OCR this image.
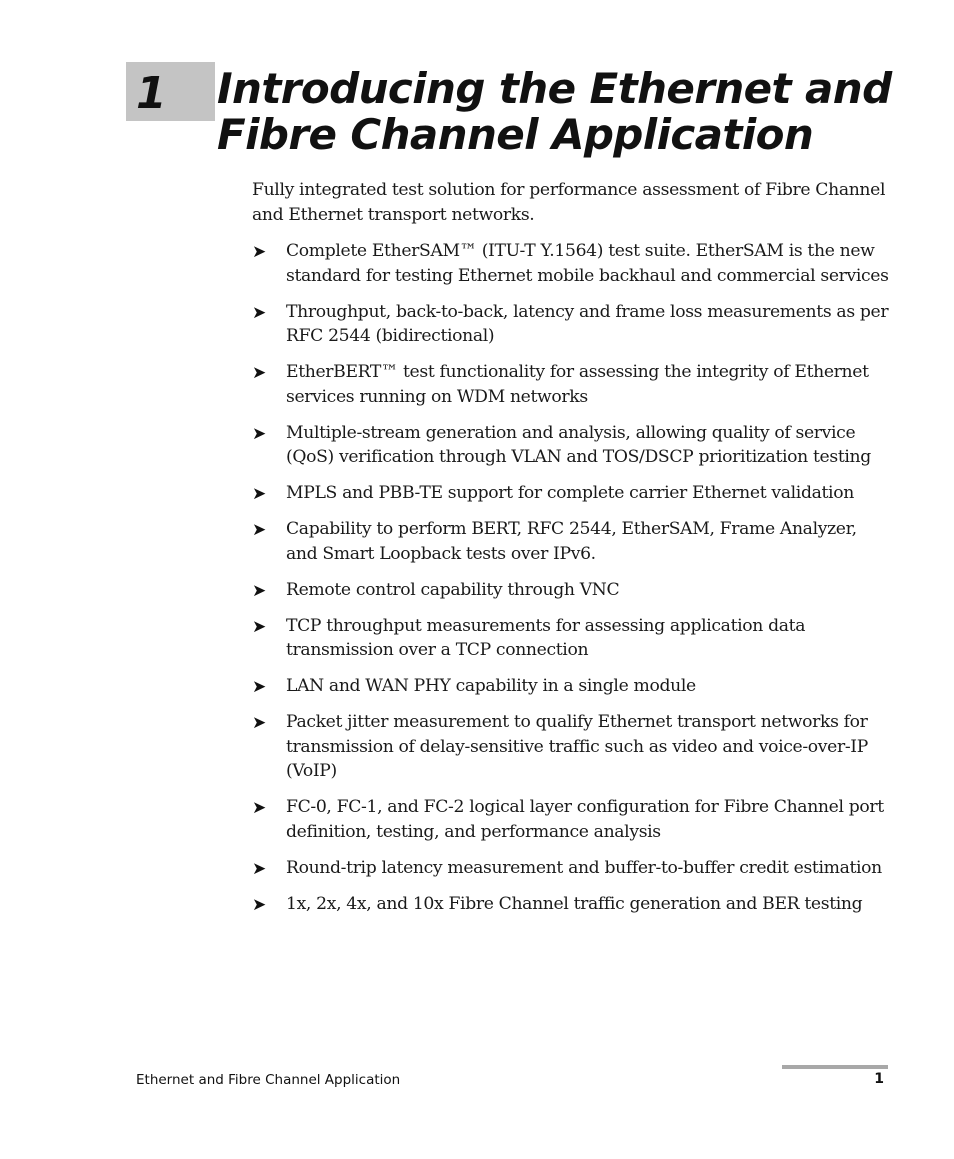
1 Introducing the Ethernet and Fibre Channel Application

Fully integrated test solution for performance assessment of Fibre Channel and Ethernet transport networks.

➤ Complete EtherSAM™ (ITU-T Y.1564) test suite. EtherSAM is the new standard for testing Ethernet mobile backhaul and commercial services
➤ Throughput, back-to-back, latency and frame loss measurements as per RFC 2544 (bidirectional)
➤ EtherBERT™ test functionality for assessing the integrity of Ethernet services running on WDM networks
➤ Multiple-stream generation and analysis, allowing quality of service (QoS) verification through VLAN and TOS/DSCP prioritization testing
➤ MPLS and PBB-TE support for complete carrier Ethernet validation
➤ Capability to perform BERT, RFC 2544, EtherSAM, Frame Analyzer, and Smart Loopback tests over IPv6.
➤ Remote control capability through VNC
➤ TCP throughput measurements for assessing application data transmission over a TCP connection
➤ LAN and WAN PHY capability in a single module
➤ Packet jitter measurement to qualify Ethernet transport networks for transmission of delay-sensitive traffic such as video and voice-over-IP (VoIP)
➤ FC-0, FC-1, and FC-2 logical layer configuration for Fibre Channel port definition, testing, and performance analysis
➤ Round-trip latency measurement and buffer-to-buffer credit estimation
➤ 1x, 2x, 4x, and 10x Fibre Channel traffic generation and BER testing
Ethernet and Fibre Channel Application	1
